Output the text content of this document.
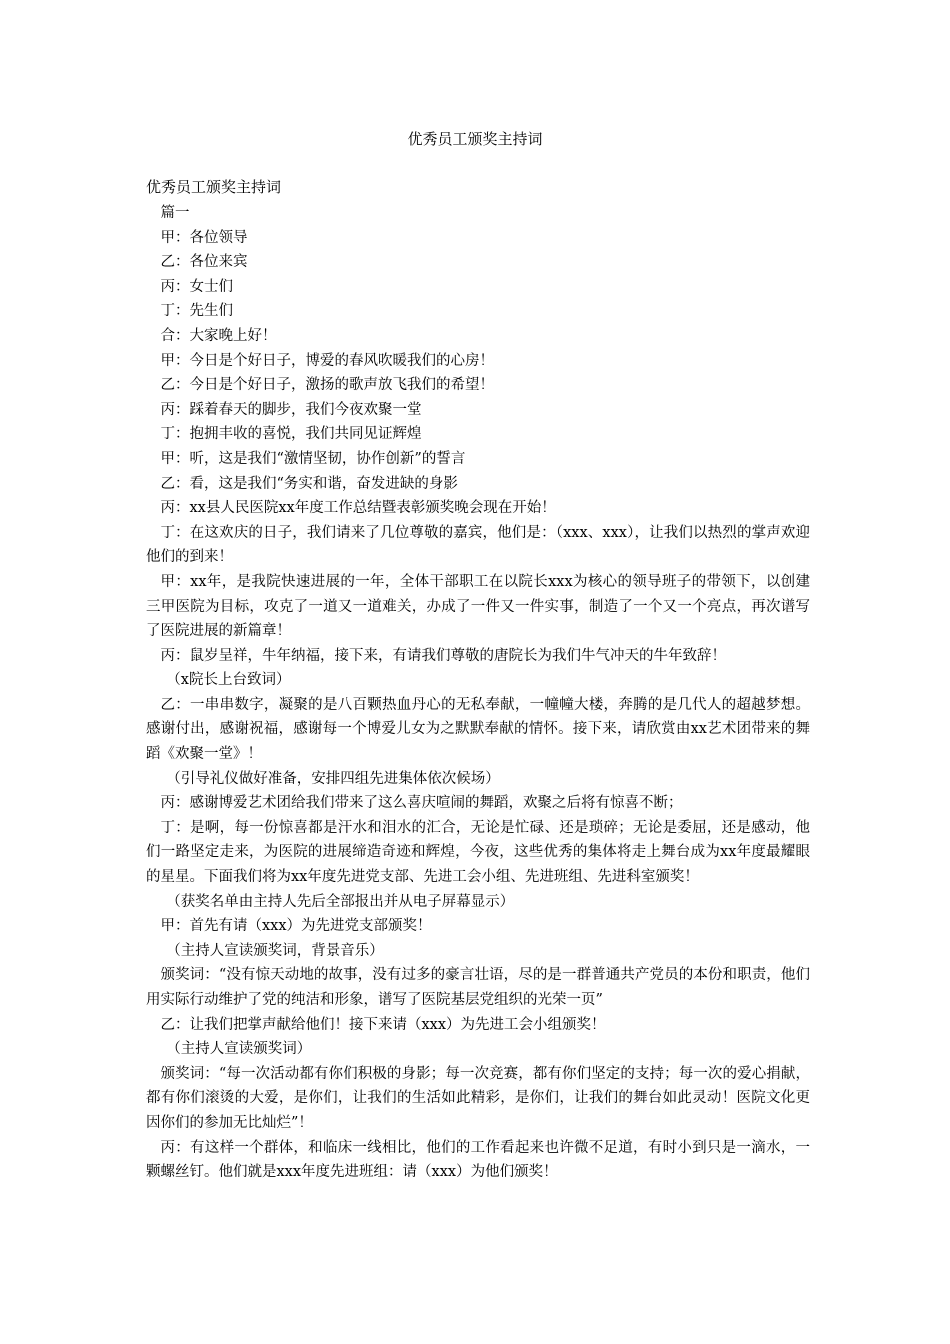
优秀员工颁奖主持词
优秀员工颁奖主持词

篇一

甲：各位领导

乙：各位来宾

丙：女士们

丁：先生们

合：大家晚上好！

甲：今日是个好日子，博爱的春风吹暖我们的心房！

乙：今日是个好日子，激扬的歌声放飞我们的希望！

丙：踩着春天的脚步，我们今夜欢聚一堂

丁：抱拥丰收的喜悦，我们共同见证辉煌

甲：听，这是我们“激情坚韧，协作创新”的誓言

乙：看，这是我们“务实和谐，奋发进缺的身影

丙：xx县人民医院xx年度工作总结暨表彰颁奖晚会现在开始！

丁：在这欢庆的日子，我们请来了几位尊敬的嘉宾，他们是：（xxx、xxx），让我们以热烈的掌声欢迎他们的到来！

甲：xx年，是我院快速进展的一年，全体干部职工在以院长xxx为核心的领导班子的带领下，以创建三甲医院为目标，攻克了一道又一道难关，办成了一件又一件实事，制造了一个又一个亮点，再次谱写了医院进展的新篇章！

丙：鼠岁呈祥，牛年纳福，接下来，有请我们尊敬的唐院长为我们牛气冲天的牛年致辞！

（x院长上台致词）

乙：一串串数字，凝聚的是八百颗热血丹心的无私奉献，一幢幢大楼，奔腾的是几代人的超越梦想。感谢付出，感谢祝福，感谢每一个博爱儿女为之默默奉献的情怀。接下来，请欣赏由xx艺术团带来的舞蹈《欢聚一堂》！

（引导礼仪做好准备，安排四组先进集体依次候场）

丙：感谢博爱艺术团给我们带来了这么喜庆喧闹的舞蹈，欢聚之后将有惊喜不断；

丁：是啊，每一份惊喜都是汗水和泪水的汇合，无论是忙碌、还是琐碎；无论是委屈，还是感动，他们一路坚定走来，为医院的进展缔造奇迹和辉煌，今夜，这些优秀的集体将走上舞台成为xx年度最耀眼的星星。下面我们将为xx年度先进党支部、先进工会小组、先进班组、先进科室颁奖！

（获奖名单由主持人先后全部报出并从电子屏幕显示）

甲：首先有请（xxx）为先进党支部颁奖！

（主持人宣读颁奖词，背景音乐）

颁奖词：“没有惊天动地的故事，没有过多的豪言壮语，尽的是一群普通共产党员的本份和职责，他们用实际行动维护了党的纯洁和形象，谱写了医院基层党组织的光荣一页”

乙：让我们把掌声献给他们！接下来请（xxx）为先进工会小组颁奖！

（主持人宣读颁奖词）

颁奖词：“每一次活动都有你们积极的身影；每一次竞赛，都有你们坚定的支持；每一次的爱心捐献，都有你们滚烫的大爱，是你们，让我们的生活如此精彩，是你们，让我们的舞台如此灵动！医院文化更因你们的参加无比灿烂”！

丙：有这样一个群体，和临床一线相比，他们的工作看起来也许微不足道，有时小到只是一滴水，一颗螺丝钉。他们就是xxx年度先进班组：请（xxx）为他们颁奖！
